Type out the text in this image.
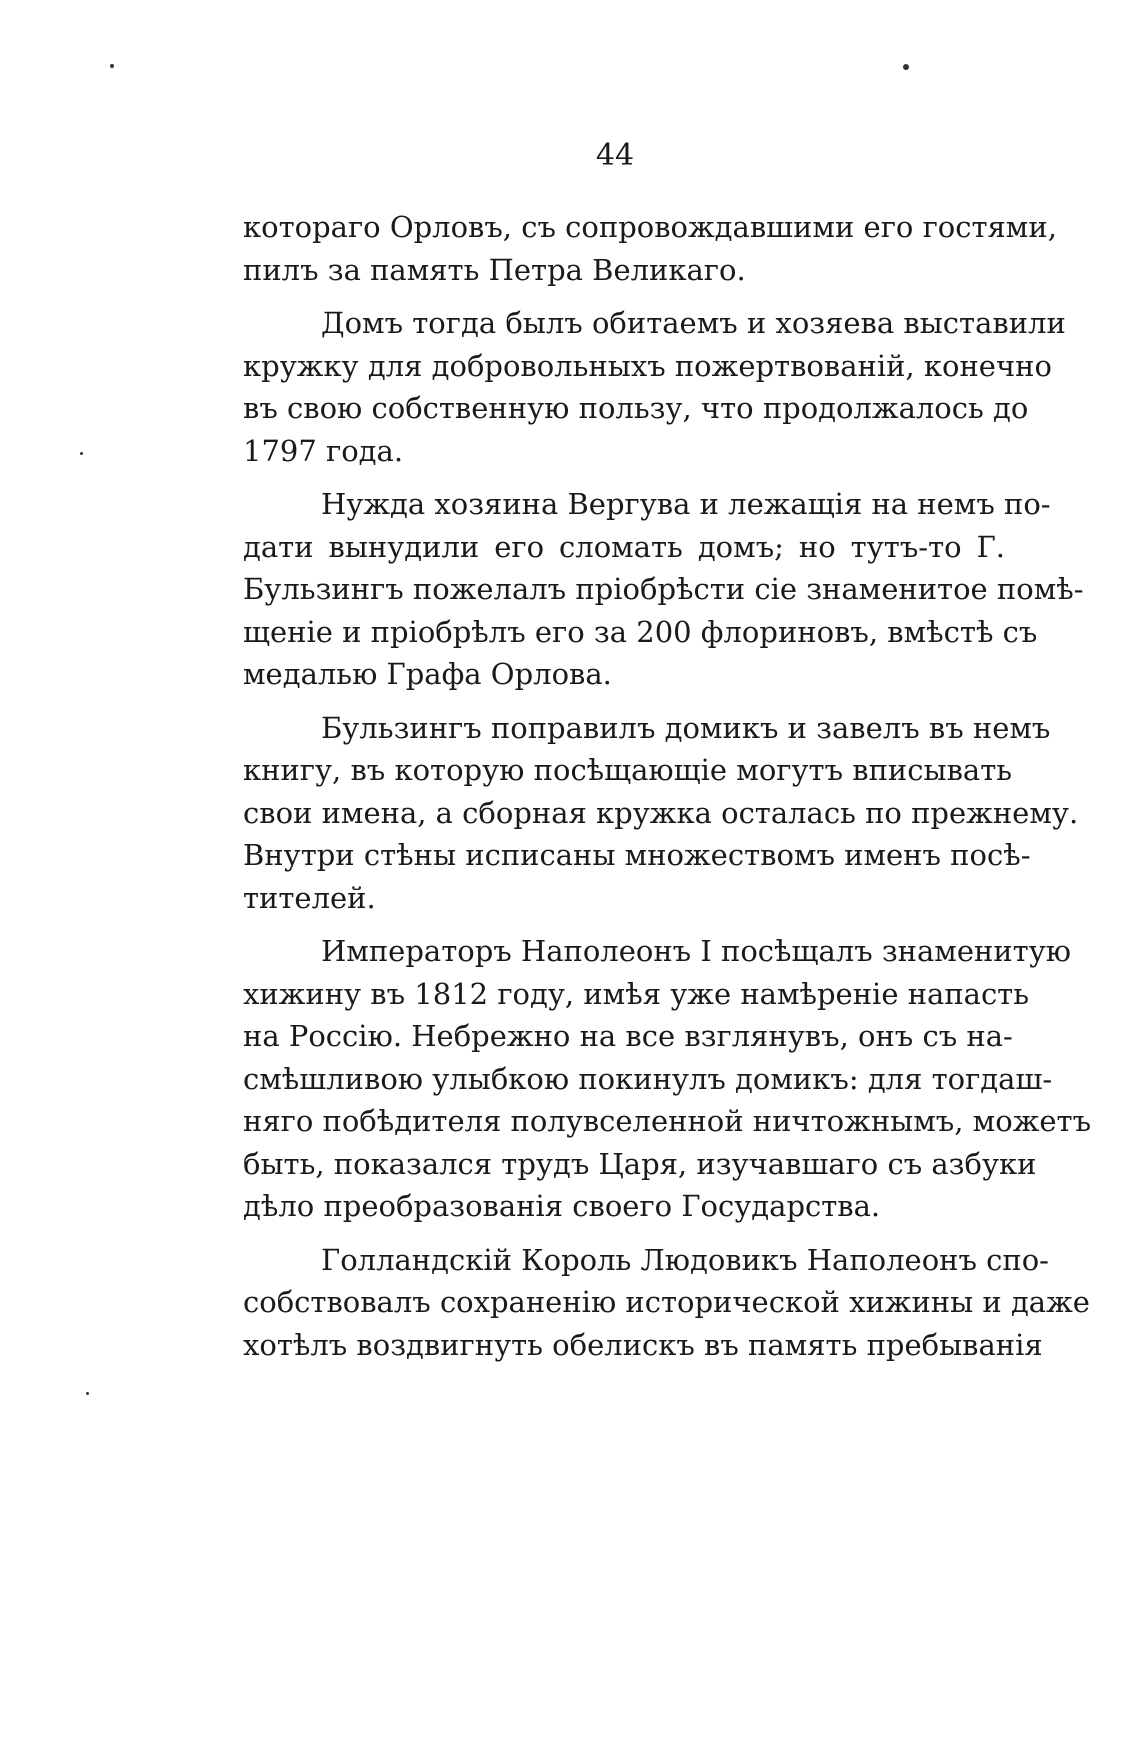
44

котораго Орловъ, съ сопровождавшими его гостями,
пилъ за память Петра Великаго.

Домъ тогда былъ обитаемъ и хозяева выставили
кружку для добровольныхъ пожертвованій, конечно
въ свою собственную пользу, что продолжалось до
1797 года.

Нужда хозяина Вергува и лежащія на немъ по-
дати вынудили его сломать домъ; но тутъ-то Г.
Бульзингъ пожелалъ пріобрѣсти сіе знаменитое помѣ-
щеніе и пріобрѣлъ его за 200 флориновъ, вмѣстѣ съ
медалью Графа Орлова.

Бульзингъ поправилъ домикъ и завелъ въ немъ
книгу, въ которую посѣщающіе могутъ вписывать
свои имена, а сборная кружка осталась по прежнему.
Внутри стѣны исписаны множествомъ именъ посѣ-
тителей.

Императоръ Наполеонъ I посѣщалъ знаменитую
хижину въ 1812 году, имѣя уже намѣреніе напасть
на Россію. Небрежно на все взглянувъ, онъ съ на-
смѣшливою улыбкою покинулъ домикъ: для тогдаш-
няго побѣдителя полувселенной ничтожнымъ, можетъ
быть, показался трудъ Царя, изучавшаго съ азбуки
дѣло преобразованія своего Государства.

Голландскій Король Людовикъ Наполеонъ спо-
собствовалъ сохраненію исторической хижины и даже
хотѣлъ воздвигнуть обелискъ въ память пребыванія
